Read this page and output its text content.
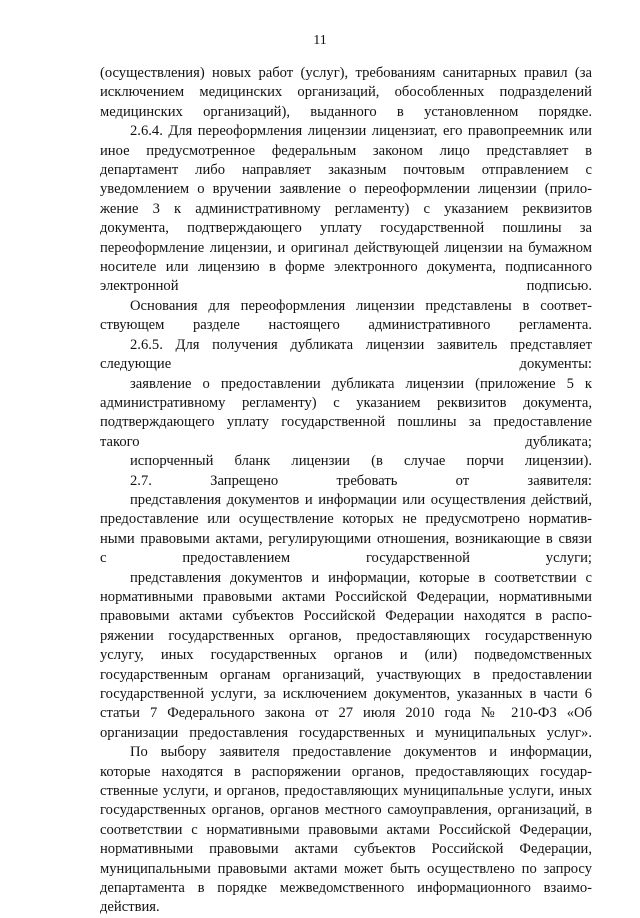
11
(осуществления) новых работ (услуг), требованиям санитарных правил (за
исключением медицинских организаций, обособленных подразделений
медицинских организаций), выданного в установленном порядке.
2.6.4. Для переоформления лицензии лицензиат, его правопреемник или
иное предусмотренное федеральным законом лицо представляет в
департамент либо направляет заказным почтовым отправлением с
уведомлением о вручении заявление о переоформлении лицензии (прило-
жение 3 к административному регламенту) с указанием реквизитов
документа, подтверждающего уплату государственной пошлины за
переоформление лицензии, и оригинал действующей лицензии на бумажном
носителе или лицензию в форме электронного документа, подписанного
электронной подписью.
Основания для переоформления лицензии представлены в соответ-
ствующем разделе настоящего административного регламента.
2.6.5. Для получения дубликата лицензии заявитель представляет
следующие документы:
заявление о предоставлении дубликата лицензии (приложение 5 к
административному регламенту) с указанием реквизитов документа,
подтверждающего уплату государственной пошлины за предоставление
такого дубликата;
испорченный бланк лицензии (в случае порчи лицензии).
2.7. Запрещено требовать от заявителя:
представления документов и информации или осуществления действий,
предоставление или осуществление которых не предусмотрено норматив-
ными правовыми актами, регулирующими отношения, возникающие в связи
с предоставлением государственной услуги;
представления документов и информации, которые в соответствии с
нормативными правовыми актами Российской Федерации, нормативными
правовыми актами субъектов Российской Федерации находятся в распо-
ряжении государственных органов, предоставляющих государственную
услугу, иных государственных органов и (или) подведомственных
государственным органам организаций, участвующих в предоставлении
государственной услуги, за исключением документов, указанных в части 6
статьи 7 Федерального закона от 27 июля 2010 года № 210-ФЗ «Об
организации предоставления государственных и муниципальных услуг».
По выбору заявителя предоставление документов и информации,
которые находятся в распоряжении органов, предоставляющих государ-
ственные услуги, и органов, предоставляющих муниципальные услуги, иных
государственных органов, органов местного самоуправления, организаций, в
соответствии с нормативными правовыми актами Российской Федерации,
нормативными правовыми актами субъектов Российской Федерации,
муниципальными правовыми актами может быть осуществлено по запросу
департамента в порядке межведомственного информационного взаимо-
действия.
